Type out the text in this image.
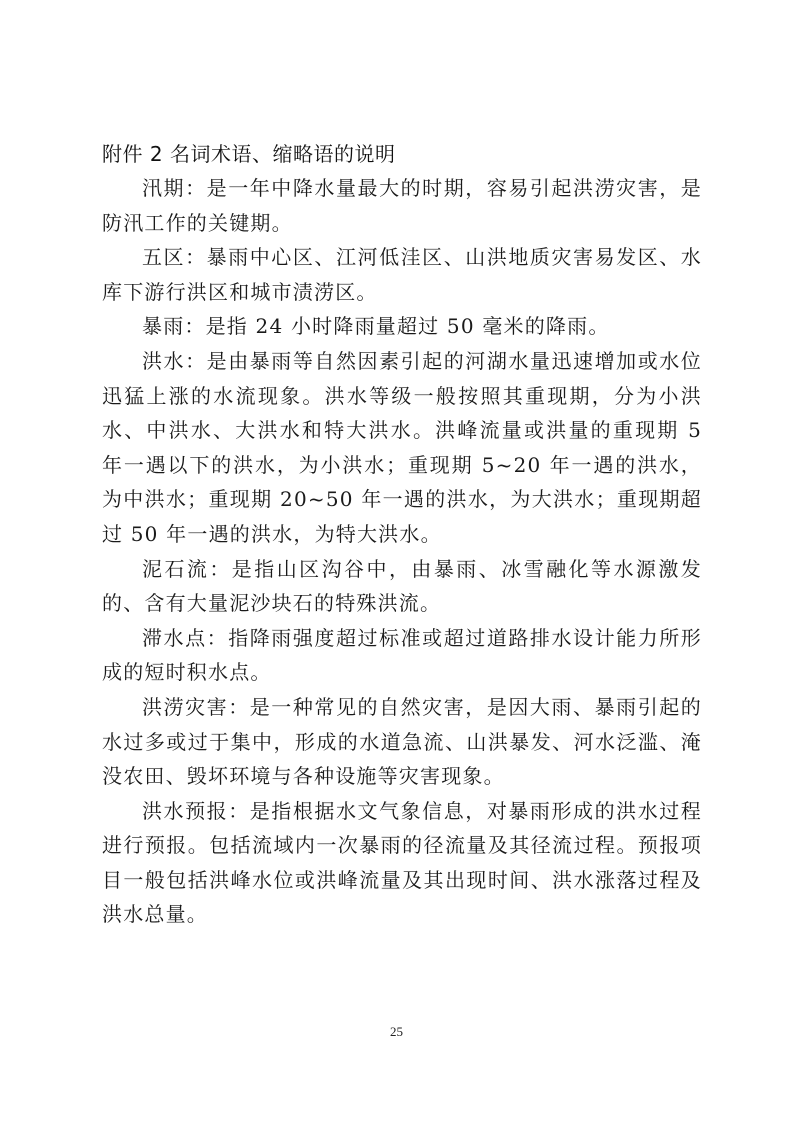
附件 2 名词术语、缩略语的说明

汛期：是一年中降水量最大的时期，容易引起洪涝灾害，是防汛工作的关键期。

五区：暴雨中心区、江河低洼区、山洪地质灾害易发区、水库下游行洪区和城市渍涝区。

暴雨：是指 24 小时降雨量超过 50 毫米的降雨。

洪水：是由暴雨等自然因素引起的河湖水量迅速增加或水位迅猛上涨的水流现象。洪水等级一般按照其重现期，分为小洪水、中洪水、大洪水和特大洪水。洪峰流量或洪量的重现期 5 年一遇以下的洪水，为小洪水；重现期 5~20 年一遇的洪水，为中洪水；重现期 20~50 年一遇的洪水，为大洪水；重现期超过 50 年一遇的洪水，为特大洪水。

泥石流：是指山区沟谷中，由暴雨、冰雪融化等水源激发的、含有大量泥沙块石的特殊洪流。

滞水点：指降雨强度超过标准或超过道路排水设计能力所形成的短时积水点。

洪涝灾害：是一种常见的自然灾害，是因大雨、暴雨引起的水过多或过于集中，形成的水道急流、山洪暴发、河水泛滥、淹没农田、毁坏环境与各种设施等灾害现象。

洪水预报：是指根据水文气象信息，对暴雨形成的洪水过程进行预报。包括流域内一次暴雨的径流量及其径流过程。预报项目一般包括洪峰水位或洪峰流量及其出现时间、洪水涨落过程及洪水总量。

25
